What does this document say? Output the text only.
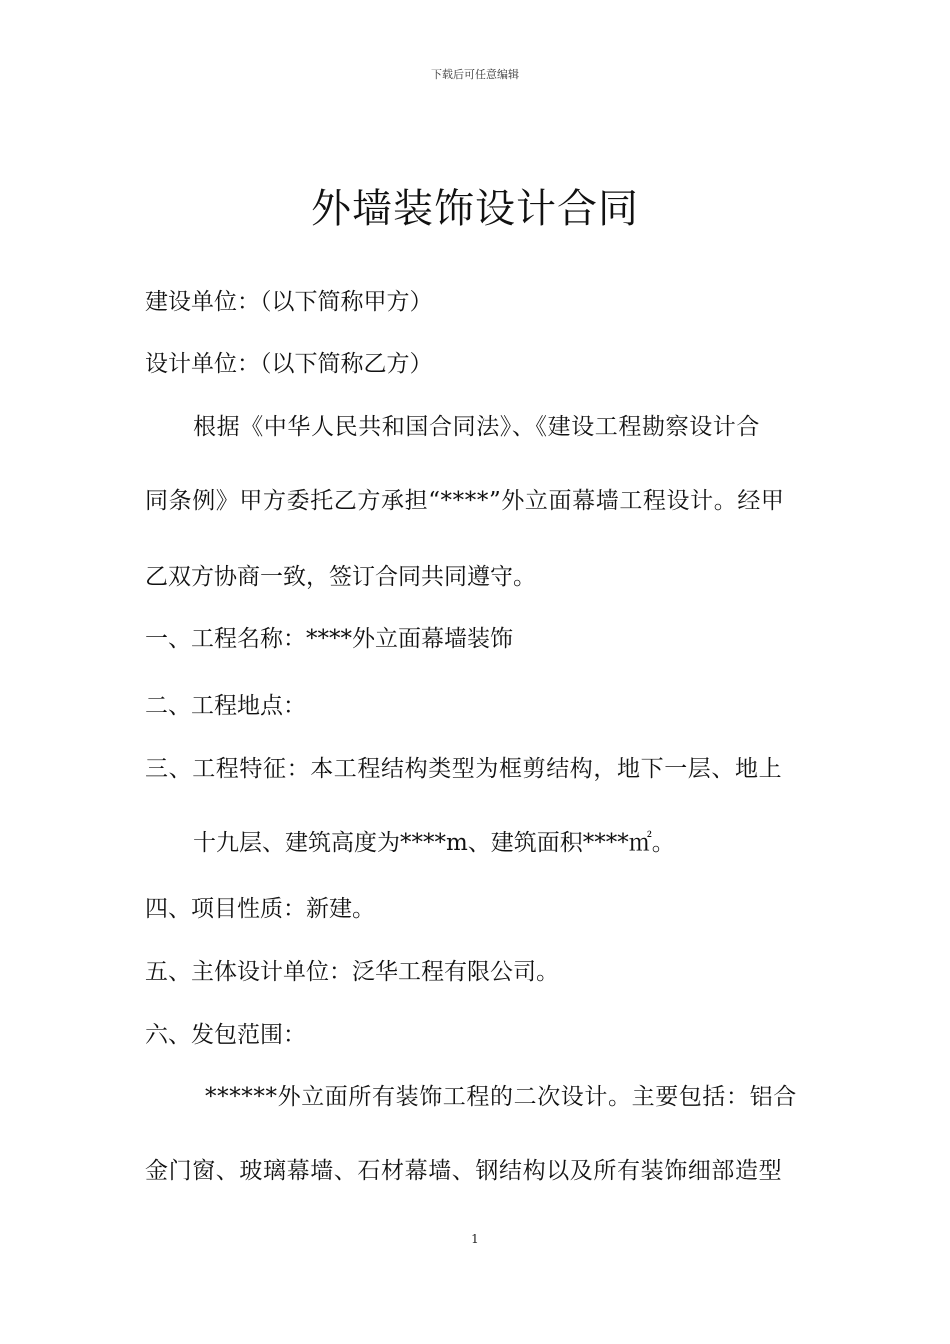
下载后可任意编辑
外墙装饰设计合同
建设单位：（以下简称甲方）
设计单位：（以下简称乙方）
根据《中华人民共和国合同法》、《建设工程勘察设计合
同条例》甲方委托乙方承担“****”外立面幕墙工程设计。经甲
乙双方协商一致，签订合同共同遵守。
一、工程名称：****外立面幕墙装饰
二、工程地点：
三、工程特征：本工程结构类型为框剪结构，地下一层、地上
十九层、建筑高度为****m、建筑面积****㎡。
四、项目性质：新建。
五、主体设计单位：泛华工程有限公司。
六、发包范围：
******外立面所有装饰工程的二次设计。主要包括：铝合
金门窗、玻璃幕墙、石材幕墙、钢结构以及所有装饰细部造型
1
